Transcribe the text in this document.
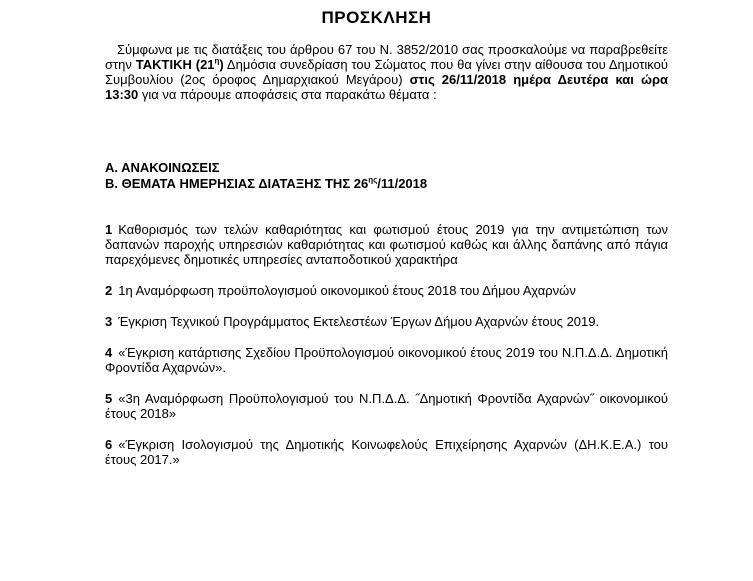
ΠΡΟΣΚΛΗΣΗ

Σύμφωνα με τις διατάξεις του άρθρου 67 του Ν. 3852/2010 σας προσκαλούμε να παραβρεθείτε στην ΤΑΚΤΙΚΗ $(21^\eta)$ Δημόσια συνεδρίαση του Σώματος που θα γίνει στην αίθουσα του Δημοτικού Συμβουλίου (2ος όροφος Δημαρχιακού Μεγάρου) στις 26/11/2018 ημέρα Δευτέρα και ώρα 13:30 για να πάρουμε αποφάσεις στα παρακάτω θέματα :

Α. ΑΝΑΚΟΙΝΩΣΕΙΣ
Β. ΘΕΜΑΤΑ ΗΜΕΡΗΣΙΑΣ ΔΙΑΤΑΞΗΣ ΤΗΣ $26^{\eta\varsigma}/11/2018$
1 Καθορισμός των τελών καθαριότητας και φωτισμού έτους 2019 για την αντιμετώπιση των δαπανών παροχής υπηρεσιών καθαριότητας και φωτισμού καθώς και άλλης δαπάνης από πάγια παρεχόμενες δημοτικές υπηρεσίες ανταποδοτικού χαρακτήρα
2 1η Αναμόρφωση προϋπολογισμού οικονομικού έτους 2018 του Δήμου Αχαρνών
3 Έγκριση Τεχνικού Προγράμματος Εκτελεστέων Έργων Δήμου Αχαρνών έτους 2019.
4 «Έγκριση κατάρτισης Σχεδίου Προϋπολογισμού οικονομικού έτους 2019 του Ν.Π.Δ.Δ. Δημοτική Φροντίδα Αχαρνών».
5 «3η Αναμόρφωση Προϋπολογισμού του Ν.Π.Δ.Δ. ˝Δημοτική Φροντίδα Αχαρνών˝ οικονομικού έτους 2018»
6 «Έγκριση Ισολογισμού της Δημοτικής Κοινωφελούς Επιχείρησης Αχαρνών (ΔΗ.Κ.Ε.Α.) του έτους 2017.»
